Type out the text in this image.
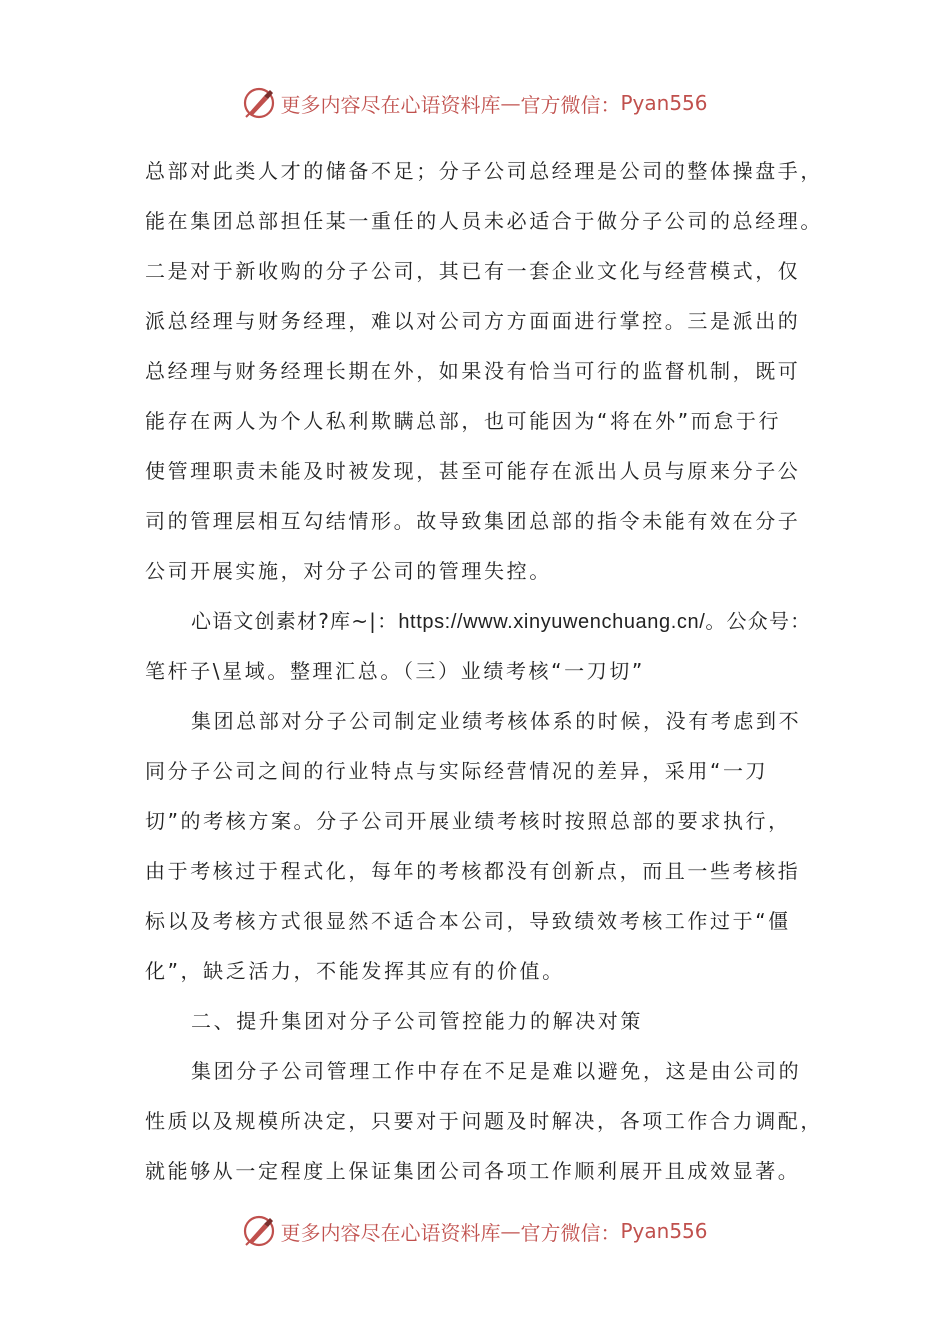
更多内容尽在心语资料库 — 官方微信： Pyan556
总部对此类人才的储备不足；分子公司总经理是公司的整体操盘手，
能在集团总部担任某一重任的人员未必适合于做分子公司的总经理。
二是对于新收购的分子公司，其已有一套企业文化与经营模式，仅
派总经理与财务经理，难以对公司方方面面进行掌控。三是派出的
总经理与财务经理长期在外，如果没有恰当可行的监督机制，既可
能存在两人为个人私利欺瞒总部，也可能因为“将在外”而怠于行
使管理职责未能及时被发现，甚至可能存在派出人员与原来分子公
司的管理层相互勾结情形。故导致集团总部的指令未能有效在分子
公司开展实施，对分子公司的管理失控。
心语文创素材?库~|：https://www.xinyuwenchuang.cn/。公众号：
笔杆子\星域。整理汇总。（三）业绩考核“一刀切”
集团总部对分子公司制定业绩考核体系的时候，没有考虑到不
同分子公司之间的行业特点与实际经营情况的差异，采用“一刀
切”的考核方案。分子公司开展业绩考核时按照总部的要求执行，
由于考核过于程式化，每年的考核都没有创新点，而且一些考核指
标以及考核方式很显然不适合本公司，导致绩效考核工作过于“僵
化”，缺乏活力，不能发挥其应有的价值。
二、提升集团对分子公司管控能力的解决对策
集团分子公司管理工作中存在不足是难以避免，这是由公司的
性质以及规模所决定，只要对于问题及时解决，各项工作合力调配，
就能够从一定程度上保证集团公司各项工作顺利展开且成效显著。
更多内容尽在心语资料库 — 官方微信： Pyan556
